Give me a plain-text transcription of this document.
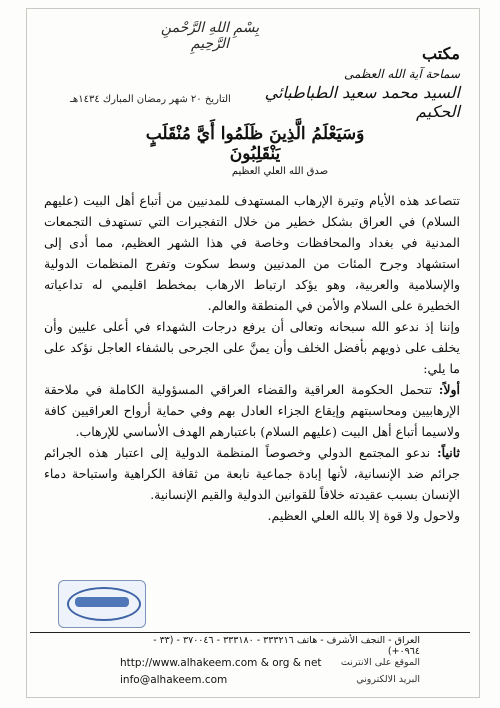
بِسْمِ اللهِ الرَّحْمنِ الرَّحِيمِ	مكتب
سماحة آية الله العظمى
السيد محمد سعيد الطباطبائي الحكيم
التاريخ ٢٠ شهر رمضان المبارك ١٤٣٤هـ
وَسَيَعْلَمُ الَّذِينَ ظَلَمُوا أَيَّ مُنْقَلَبٍ يَنْقَلِبُونَ
صدق الله العلي العظيم

تتصاعد هذه الأيام وتيرة الإرهاب المستهدف للمدنيين من أتباع أهل البيت (عليهم السلام) في العراق بشكل خطير من خلال التفجيرات التي تستهدف التجمعات المدنية في بغداد والمحافظات وخاصة في هذا الشهر العظيم، مما أدى إلى استشهاد وجرح المئات من المدنيين وسط سكوت وتفرج المنظمات الدولية والإسلامية والعربية، وهو يؤكد ارتباط الارهاب بمخطط اقليمي له تداعياته الخطيرة على السلام والأمن في المنطقة والعالم.

وإننا إذ ندعو الله سبحانه وتعالى أن يرفع درجات الشهداء في أعلى عليين وأن يخلف على ذويهم بأفضل الخلف وأن يمنَّ على الجرحى بالشفاء العاجل نؤكد على ما يلي:

أولاً: تتحمل الحكومة العراقية والقضاء العراقي المسؤولية الكاملة في ملاحقة الإرهابيين ومحاسبتهم وإيقاع الجزاء العادل بهم وفي حماية أرواح العراقيين كافة ولاسيما أتباع أهل البيت (عليهم السلام) باعتبارهم الهدف الأساسي للإرهاب.

ثانياً: ندعو المجتمع الدولي وخصوصاً المنظمة الدولية إلى اعتبار هذه الجرائم جرائم ضد الإنسانية، لأنها إبادة جماعية نابعة من ثقافة الكراهية واستباحة دماء الإنسان بسبب عقيدته خلافاً للقوانين الدولية والقيم الإنسانية.

ولاحول ولا قوة إلا بالله العلي العظيم.

العراق - النجف الأشرف - هاتف ٣٣٣٢١٦ - ٣٣٣١٨٠ - ٣٧٠٠٤٦ - (٣٣ - ٠٩٦٤+)
الموقع على الانترنت
http://www.alhakeem.com & org & net
البريد الالكتروني
info@alhakeem.com
